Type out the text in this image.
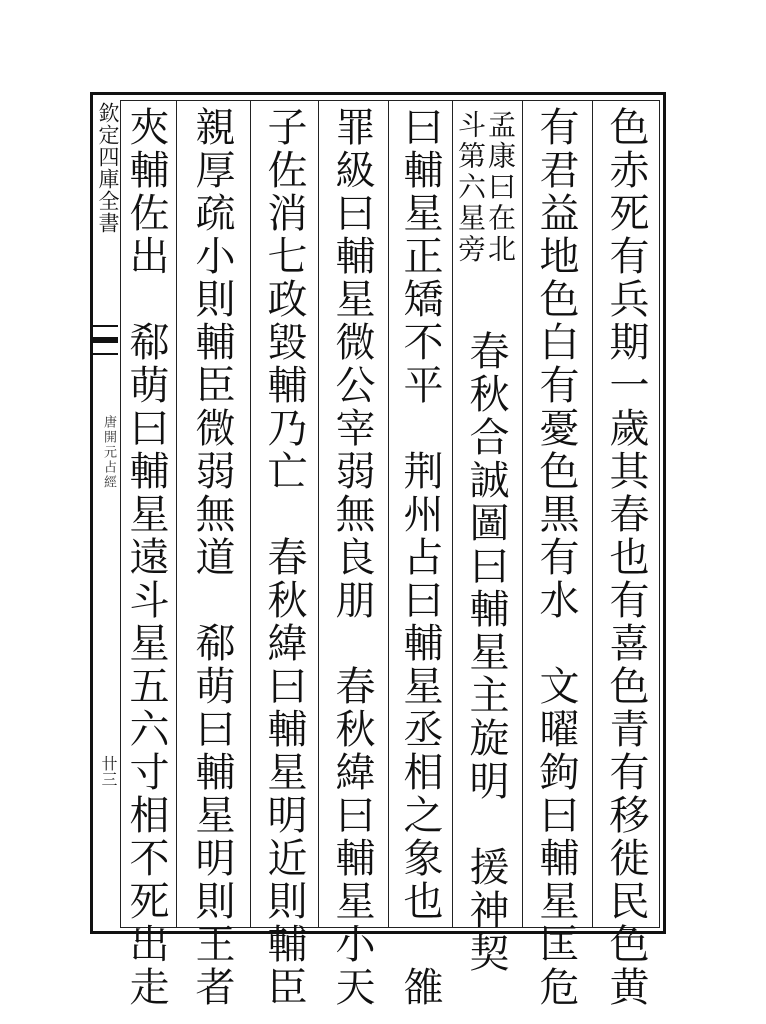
欽定四庫全書
唐開元占經
卄三	色赤死有兵期一歲其春也有喜色青有移徙民色黄
有君益地色白有憂色黒有水　文曜鉤曰輔星匡危
春秋合誠圖曰輔星主旋明　援神契
孟康曰在北
斗第六星旁
曰輔星正矯不平　荆州占曰輔星丞相之象也　雒
罪級曰輔星微公宰弱無良朋　春秋緯曰輔星小天
子佐消七政毀輔乃亡　春秋緯曰輔星明近則輔臣
親厚疏小則輔臣微弱無道　郗萌曰輔星明則王者
夾輔佐出　郗萌曰輔星遠斗星五六寸相不死出走
